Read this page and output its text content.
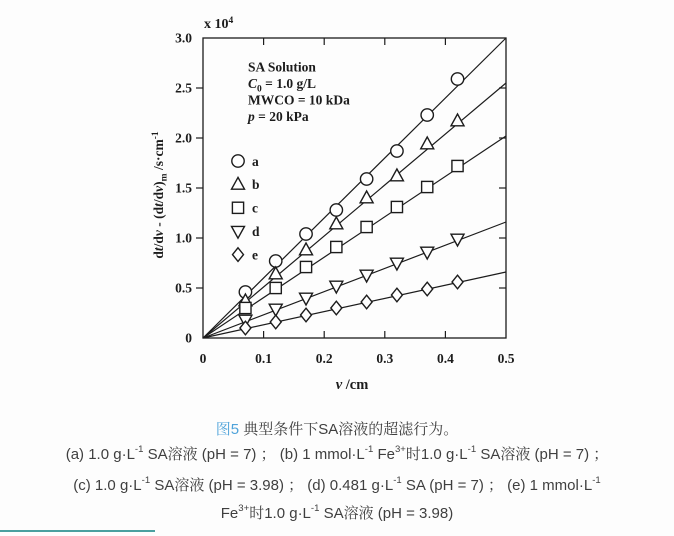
0	0.1	0.2	0.3	0.4	0.5
0
0.5
1.0
1.5
2.0
2.5
3.0
x $10^4$
v /cm
$dt/dv - (dt/dv)_m$ $/s\cdot cm^{-1}$
SA Solution
$C_0 = 1.0$ g/L
MWCO = 10 kDa
p = 20 kPa
a
b
c
d
e
图5 典型条件下SA溶液的超滤行为。
(a) 1.0 $g\cdot L^{-1}$ SA溶液 (pH = 7) ； (b) 1 $mmol\cdot L^{-1}$ $Fe^{3+}$时1.0 $g\cdot L^{-1}$ SA溶液 (pH = 7) ；
(c) 1.0 $g\cdot L^{-1}$ SA溶液 (pH = 3.98) ； (d) 0.481 $g\cdot L^{-1}$ SA (pH = 7) ； (e) 1 $mmol\cdot L^{-1}$
$Fe^{3+}$时1.0 $g\cdot L^{-1}$ SA溶液 (pH = 3.98)
